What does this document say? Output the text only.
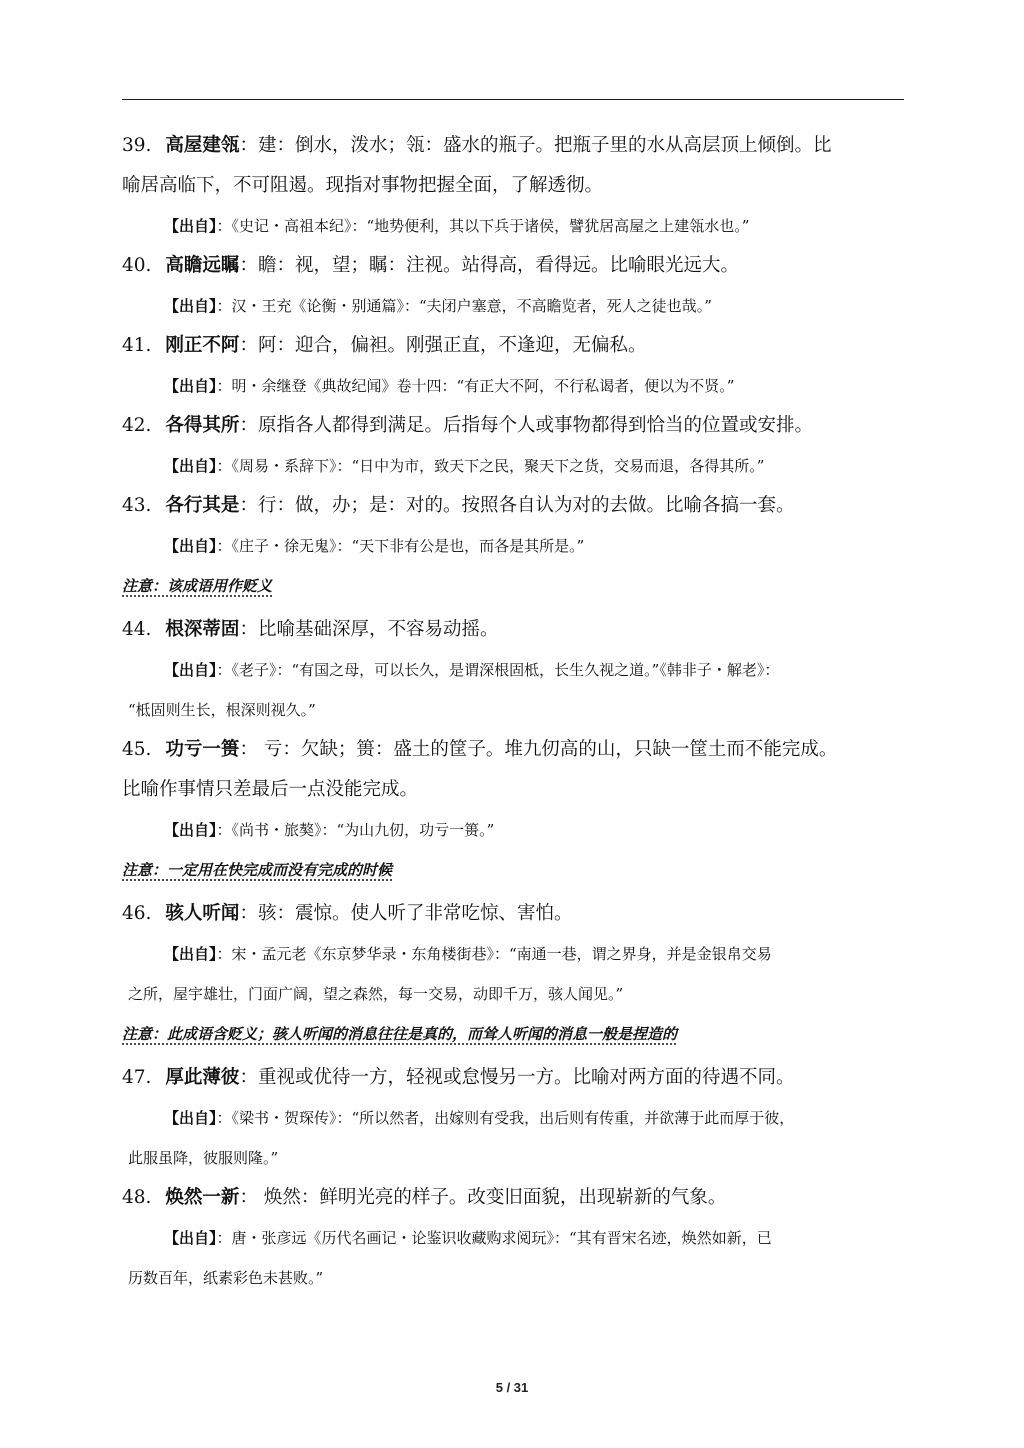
39. 高屋建瓴：建：倒水，泼水；瓴：盛水的瓶子。把瓶子里的水从高层顶上倾倒。比

喻居高临下，不可阻遏。现指对事物把握全面，了解透彻。

【出自】：《史记・高祖本纪》：“地势便利，其以下兵于诸侯，譬犹居高屋之上建瓴水也。”

40. 高瞻远瞩：瞻：视，望；瞩：注视。站得高，看得远。比喻眼光远大。

【出自】：汉・王充《论衡・别通篇》：“夫闭户塞意，不高瞻览者，死人之徒也哉。”

41. 刚正不阿：阿：迎合，偏袒。刚强正直，不逢迎，无偏私。

【出自】：明・余继登《典故纪闻》卷十四：“有正大不阿，不行私谒者，便以为不贤。”

42. 各得其所：原指各人都得到满足。后指每个人或事物都得到恰当的位置或安排。

【出自】：《周易・系辞下》：“日中为市，致天下之民，聚天下之货，交易而退，各得其所。”

43. 各行其是：行：做，办；是：对的。按照各自认为对的去做。比喻各搞一套。

【出自】：《庄子・徐无鬼》：“天下非有公是也，而各是其所是。”

注意：该成语用作贬义

44. 根深蒂固：比喻基础深厚，不容易动摇。

【出自】：《老子》：“有国之母，可以长久，是谓深根固柢，长生久视之道。”《韩非子・解老》：

“柢固则生长，根深则视久。”

45. 功亏一篑： 亏：欠缺；篑：盛土的筐子。堆九仞高的山，只缺一筐土而不能完成。

比喻作事情只差最后一点没能完成。

【出自】：《尚书・旅獒》：“为山九仞，功亏一篑。”

注意：一定用在快完成而没有完成的时候

46. 骇人听闻：骇：震惊。使人听了非常吃惊、害怕。

【出自】：宋・孟元老《东京梦华录・东角楼街巷》：“南通一巷，谓之界身，并是金银帛交易

之所，屋宇雄壮，门面广阔，望之森然，每一交易，动即千万，骇人闻见。”

注意：此成语含贬义；骇人听闻的消息往往是真的，而耸人听闻的消息一般是捏造的

47. 厚此薄彼：重视或优待一方，轻视或怠慢另一方。比喻对两方面的待遇不同。

【出自】：《梁书・贺琛传》：“所以然者，出嫁则有受我，出后则有传重，并欲薄于此而厚于彼，

此服虽降，彼服则隆。”

48. 焕然一新： 焕然：鲜明光亮的样子。改变旧面貌，出现崭新的气象。

【出自】：唐・张彦远《历代名画记・论鉴识收藏购求阅玩》：“其有晋宋名迹，焕然如新，已

历数百年，纸素彩色未甚败。”

5 / 31
